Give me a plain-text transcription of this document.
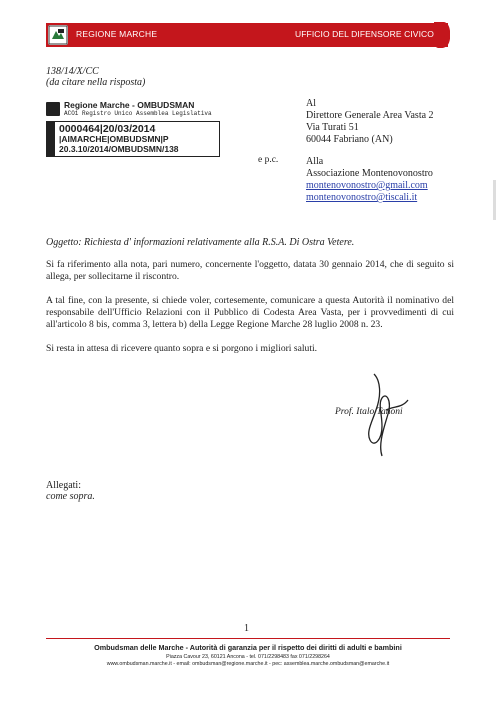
REGIONE MARCHE	UFFICIO DEL DIFENSORE CIVICO
138/14/X/CC
(da citare nella risposta)
Regione Marche - OMBUDSMAN
ACO1 Registro Unico Assemblea Legislativa
0000464|20/03/2014
|AIMARCHE|OMBUDSMN|P
20.3.10/2014/OMBUDSMN/138
Al
Direttore Generale Area Vasta 2
Via Turati 51
60044 Fabriano (AN)
e p.c.	Alla
Associazione Montenovonostro
montenovonostro@gmail.com
montenovonostro@tiscali.it
Oggetto: Richiesta d' informazioni relativamente alla R.S.A. Di Ostra Vetere.
Si fa riferimento alla nota, pari numero, concernente l'oggetto, datata 30 gennaio 2014, che di seguito si allega, per sollecitarne il riscontro.
A tal fine, con la presente, si chiede voler, cortesemente, comunicare a questa Autorità il nominativo del responsabile dell'Ufficio Relazioni con il Pubblico di Codesta Area Vasta, per i provvedimenti di cui all'articolo 8 bis, comma 3, lettera b) della Legge Regione Marche 28 luglio 2008 n. 23.
Si resta in attesa di ricevere quanto sopra e si porgono i migliori saluti.
Prof. Italo Tanoni
Allegati:
come sopra.
1
Ombudsman delle Marche - Autorità di garanzia per il rispetto dei diritti di adulti e bambini
Piazza Cavour 23, 60121 Ancona - tel. 071/2298483 fax 071/2298264
www.ombudsman.marche.it - email: ombudsman@regione.marche.it - pec: assemblea.marche.ombudsman@emarche.it
